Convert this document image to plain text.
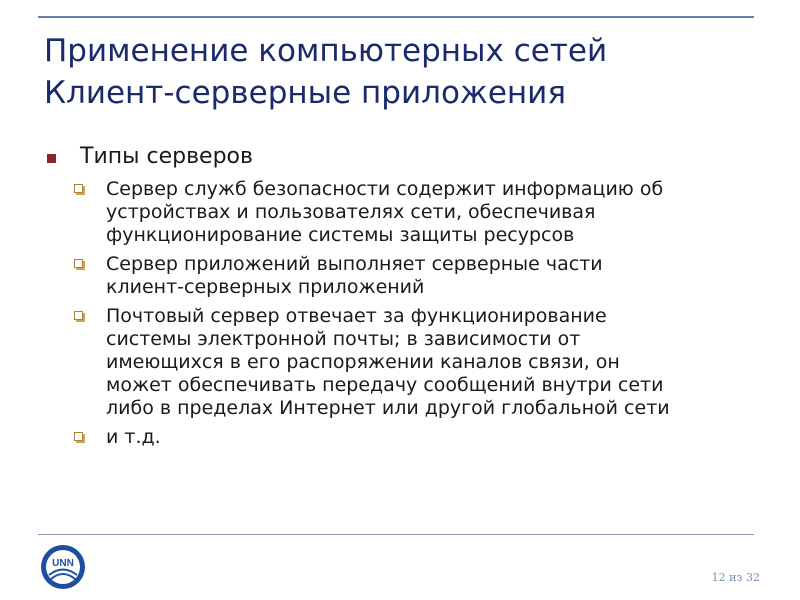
Применение компьютерных сетей
Клиент-серверные приложения
Типы серверов
Сервер служб безопасности содержит информацию об
устройствах и пользователях сети, обеспечивая
функционирование системы защиты ресурсов
Сервер приложений выполняет серверные части
клиент-серверных приложений
Почтовый сервер отвечает за функционирование
системы электронной почты; в зависимости от
имеющихся в его распоряжении каналов связи, он
может обеспечивать передачу сообщений внутри сети
либо в пределах Интернет или другой глобальной сети
и т.д.
UNN
12 из 32
